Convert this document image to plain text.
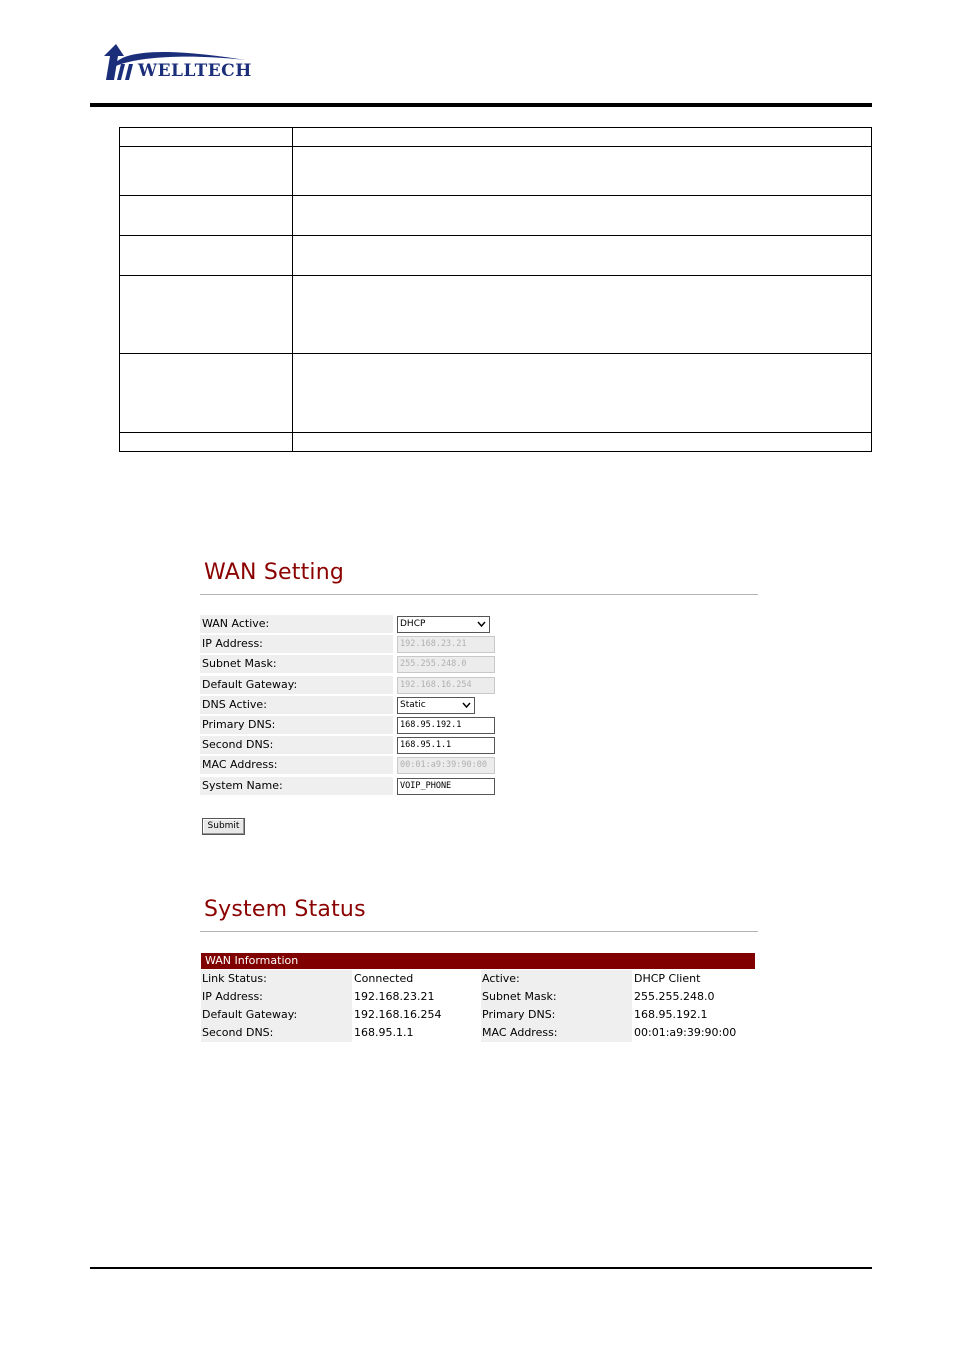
WELLTECH

WAN Setting
WAN Active:	DHCP
IP Address:	192.168.23.21
Subnet Mask:	255.255.248.0
Default Gateway:	192.168.16.254
DNS Active:	Static
Primary DNS:	168.95.192.1
Second DNS:	168.95.1.1
MAC Address:	00:01:a9:39:90:00
System Name:	VOIP_PHONE
Submit
System Status
WAN Information
Link Status:	Connected	Active:	DHCP Client
IP Address:	192.168.23.21	Subnet Mask:	255.255.248.0
Default Gateway:	192.168.16.254	Primary DNS:	168.95.192.1
Second DNS:	168.95.1.1	MAC Address:	00:01:a9:39:90:00
